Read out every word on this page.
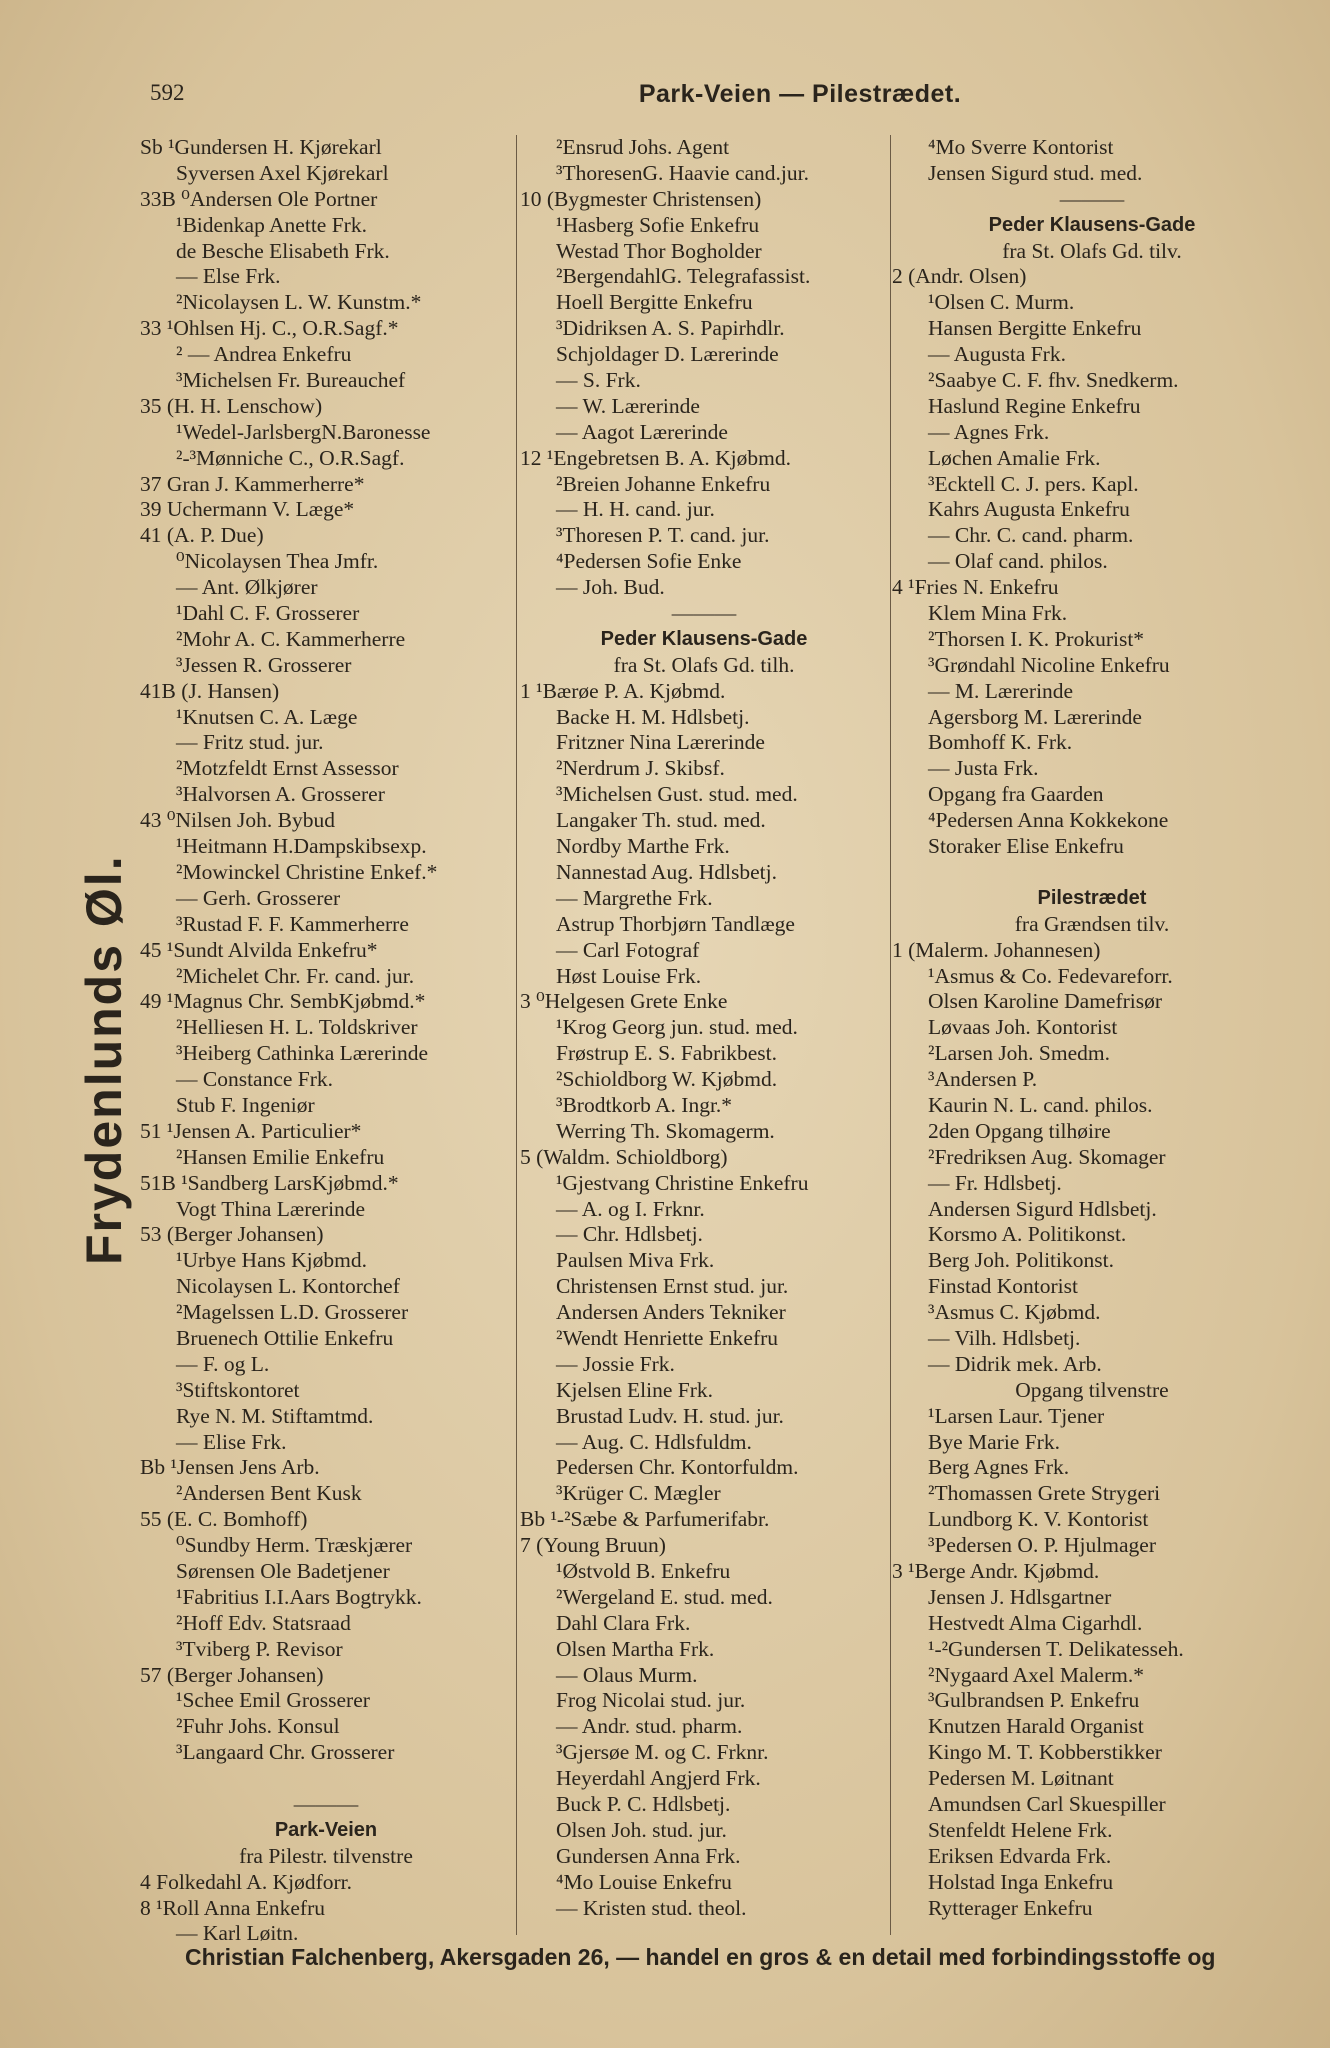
592	Park-Veien — Pilestrædet.
Frydenlunds Øl.
Sb ¹Gundersen H. Kjørekarl
Syversen Axel Kjørekarl
33B ⁰Andersen Ole Portner
¹Bidenkap Anette Frk.
de Besche Elisabeth Frk.
— Else Frk.
²Nicolaysen L. W. Kunstm.*
33 ¹Ohlsen Hj. C., O.R.Sagf.*
² — Andrea Enkefru
³Michelsen Fr. Bureauchef
35 (H. H. Lenschow)
¹Wedel-JarlsbergN.Baronesse
²-³Mønniche C., O.R.Sagf.
37 Gran J. Kammerherre*
39 Uchermann V. Læge*
41 (A. P. Due)
⁰Nicolaysen Thea Jmfr.
— Ant. Ølkjører
¹Dahl C. F. Grosserer
²Mohr A. C. Kammerherre
³Jessen R. Grosserer
41B (J. Hansen)
¹Knutsen C. A. Læge
— Fritz stud. jur.
²Motzfeldt Ernst Assessor
³Halvorsen A. Grosserer
43 ⁰Nilsen Joh. Bybud
¹Heitmann H.Dampskibsexp.
²Mowinckel Christine Enkef.*
— Gerh. Grosserer
³Rustad F. F. Kammerherre
45 ¹Sundt Alvilda Enkefru*
²Michelet Chr. Fr. cand. jur.
49 ¹Magnus Chr. SembKjøbmd.*
²Helliesen H. L. Toldskriver
³Heiberg Cathinka Lærerinde
— Constance Frk.
Stub F. Ingeniør
51 ¹Jensen A. Particulier*
²Hansen Emilie Enkefru
51B ¹Sandberg LarsKjøbmd.*
Vogt Thina Lærerinde
53 (Berger Johansen)
¹Urbye Hans Kjøbmd.
Nicolaysen L. Kontorchef
²Magelssen L.D. Grosserer
Bruenech Ottilie Enkefru
— F. og L.
³Stiftskontoret
Rye N. M. Stiftamtmd.
— Elise Frk.
Bb ¹Jensen Jens Arb.
²Andersen Bent Kusk
55 (E. C. Bomhoff)
⁰Sundby Herm. Træskjærer
Sørensen Ole Badetjener
¹Fabritius I.I.Aars Bogtrykk.
²Hoff Edv. Statsraad
³Tviberg P. Revisor
57 (Berger Johansen)
¹Schee Emil Grosserer
²Fuhr Johs. Konsul
³Langaard Chr. Grosserer
———
Park-Veien
fra Pilestr. tilvenstre
4 Folkedahl A. Kjødforr.
8 ¹Roll Anna Enkefru
— Karl Løitn.
²Ensrud Johs. Agent
³ThoresenG. Haavie cand.jur.
10 (Bygmester Christensen)
¹Hasberg Sofie Enkefru
Westad Thor Bogholder
²BergendahlG. Telegrafassist.
Hoell Bergitte Enkefru
³Didriksen A. S. Papirhdlr.
Schjoldager D. Lærerinde
— S. Frk.
— W. Lærerinde
— Aagot Lærerinde
12 ¹Engebretsen B. A. Kjøbmd.
²Breien Johanne Enkefru
— H. H. cand. jur.
³Thoresen P. T. cand. jur.
⁴Pedersen Sofie Enke
— Joh. Bud.
———
Peder Klausens-Gade
fra St. Olafs Gd. tilh.
1 ¹Bærøe P. A. Kjøbmd.
Backe H. M. Hdlsbetj.
Fritzner Nina Lærerinde
²Nerdrum J. Skibsf.
³Michelsen Gust. stud. med.
Langaker Th. stud. med.
Nordby Marthe Frk.
Nannestad Aug. Hdlsbetj.
— Margrethe Frk.
Astrup Thorbjørn Tandlæge
— Carl Fotograf
Høst Louise Frk.
3 ⁰Helgesen Grete Enke
¹Krog Georg jun. stud. med.
Frøstrup E. S. Fabrikbest.
²Schioldborg W. Kjøbmd.
³Brodtkorb A. Ingr.*
Werring Th. Skomagerm.
5 (Waldm. Schioldborg)
¹Gjestvang Christine Enkefru
— A. og I. Frknr.
— Chr. Hdlsbetj.
Paulsen Miva Frk.
Christensen Ernst stud. jur.
Andersen Anders Tekniker
²Wendt Henriette Enkefru
— Jossie Frk.
Kjelsen Eline Frk.
Brustad Ludv. H. stud. jur.
— Aug. C. Hdlsfuldm.
Pedersen Chr. Kontorfuldm.
³Krüger C. Mægler
Bb ¹-²Sæbe & Parfumerifabr.
7 (Young Bruun)
¹Østvold B. Enkefru
²Wergeland E. stud. med.
Dahl Clara Frk.
Olsen Martha Frk.
— Olaus Murm.
Frog Nicolai stud. jur.
— Andr. stud. pharm.
³Gjersøe M. og C. Frknr.
Heyerdahl Angjerd Frk.
Buck P. C. Hdlsbetj.
Olsen Joh. stud. jur.
Gundersen Anna Frk.
⁴Mo Louise Enkefru
— Kristen stud. theol.
⁴Mo Sverre Kontorist
Jensen Sigurd stud. med.
———
Peder Klausens-Gade
fra St. Olafs Gd. tilv.
2 (Andr. Olsen)
¹Olsen C. Murm.
Hansen Bergitte Enkefru
— Augusta Frk.
²Saabye C. F. fhv. Snedkerm.
Haslund Regine Enkefru
— Agnes Frk.
Løchen Amalie Frk.
³Ecktell C. J. pers. Kapl.
Kahrs Augusta Enkefru
— Chr. C. cand. pharm.
— Olaf cand. philos.
4 ¹Fries N. Enkefru
Klem Mina Frk.
²Thorsen I. K. Prokurist*
³Grøndahl Nicoline Enkefru
— M. Lærerinde
Agersborg M. Lærerinde
Bomhoff K. Frk.
— Justa Frk.
Opgang fra Gaarden
⁴Pedersen Anna Kokkekone
Storaker Elise Enkefru
Pilestrædet
fra Grændsen tilv.
1 (Malerm. Johannesen)
¹Asmus & Co. Fedevareforr.
Olsen Karoline Damefrisør
Løvaas Joh. Kontorist
²Larsen Joh. Smedm.
³Andersen P.
Kaurin N. L. cand. philos.
2den Opgang tilhøire
²Fredriksen Aug. Skomager
— Fr. Hdlsbetj.
Andersen Sigurd Hdlsbetj.
Korsmo A. Politikonst.
Berg Joh. Politikonst.
Finstad Kontorist
³Asmus C. Kjøbmd.
— Vilh. Hdlsbetj.
— Didrik mek. Arb.
Opgang tilvenstre
¹Larsen Laur. Tjener
Bye Marie Frk.
Berg Agnes Frk.
²Thomassen Grete Strygeri
Lundborg K. V. Kontorist
³Pedersen O. P. Hjulmager
3 ¹Berge Andr. Kjøbmd.
Jensen J. Hdlsgartner
Hestvedt Alma Cigarhdl.
¹-²Gundersen T. Delikatesseh.
²Nygaard Axel Malerm.*
³Gulbrandsen P. Enkefru
Knutzen Harald Organist
Kingo M. T. Kobberstikker
Pedersen M. Løitnant
Amundsen Carl Skuespiller
Stenfeldt Helene Frk.
Eriksen Edvarda Frk.
Holstad Inga Enkefru
Rytterager Enkefru
Christian Falchenberg, Akersgaden 26, — handel en gros & en detail med forbindingsstoffe og
